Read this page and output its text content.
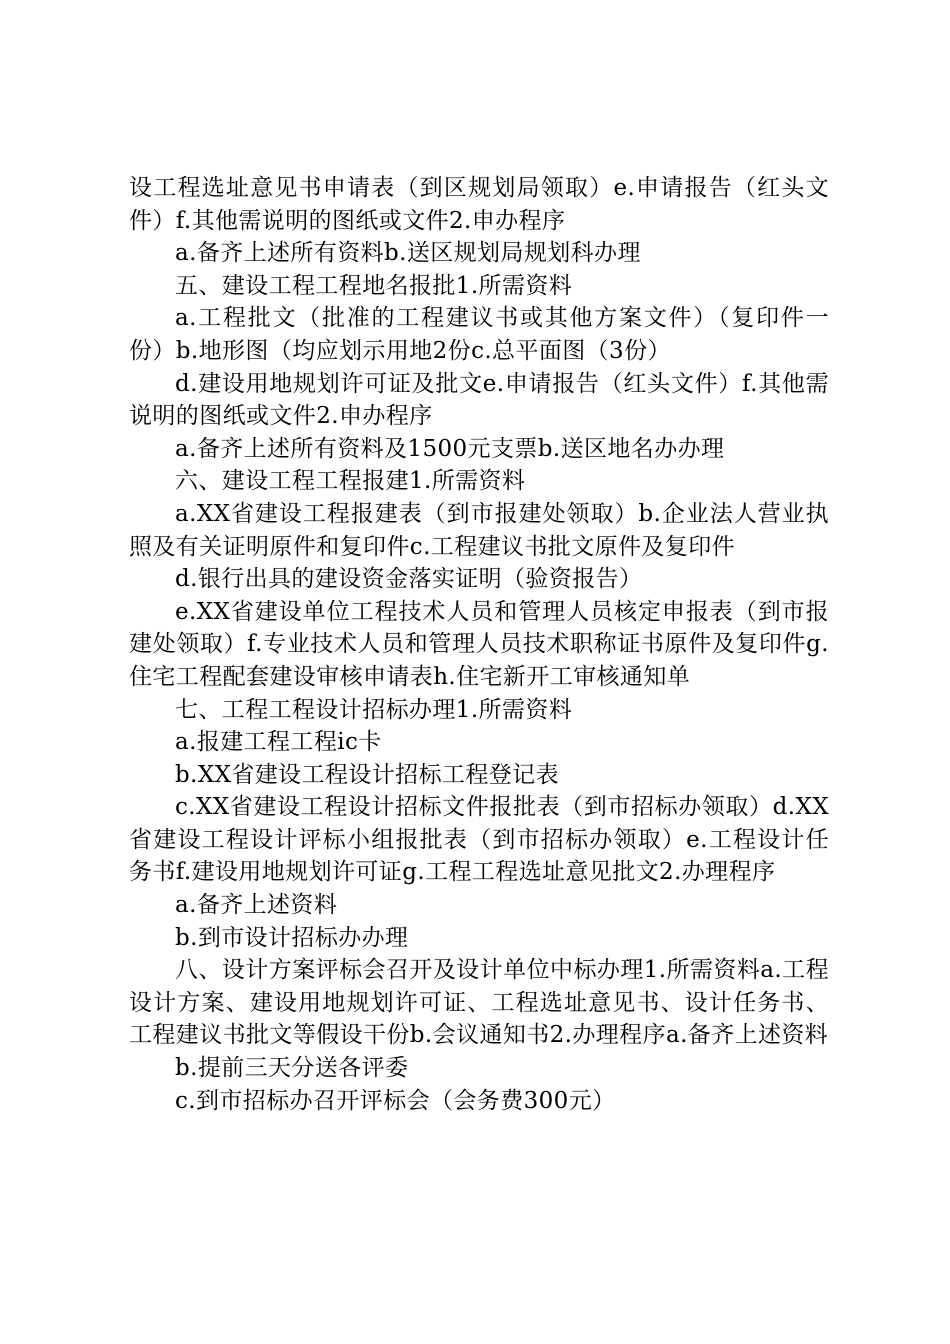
设工程选址意见书申请表（到区规划局领取）e.申请报告（红头文件）f.其他需说明的图纸或文件2.申办程序

a.备齐上述所有资料b.送区规划局规划科办理

五、建设工程工程地名报批1.所需资料

a.工程批文（批准的工程建议书或其他方案文件）（复印件一份）b.地形图（均应划示用地2份c.总平面图（3份）

d.建设用地规划许可证及批文e.申请报告（红头文件）f.其他需说明的图纸或文件2.申办程序

a.备齐上述所有资料及1500元支票b.送区地名办办理

六、建设工程工程报建1.所需资料

a.XX省建设工程报建表（到市报建处领取）b.企业法人营业执照及有关证明原件和复印件c.工程建议书批文原件及复印件

d.银行出具的建设资金落实证明（验资报告）

e.XX省建设单位工程技术人员和管理人员核定申报表（到市报建处领取）f.专业技术人员和管理人员技术职称证书原件及复印件g.住宅工程配套建设审核申请表h.住宅新开工审核通知单

七、工程工程设计招标办理1.所需资料

a.报建工程工程ic卡

b.XX省建设工程设计招标工程登记表

c.XX省建设工程设计招标文件报批表（到市招标办领取）d.XX省建设工程设计评标小组报批表（到市招标办领取）e.工程设计任务书f.建设用地规划许可证g.工程工程选址意见批文2.办理程序

a.备齐上述资料

b.到市设计招标办办理

八、设计方案评标会召开及设计单位中标办理1.所需资料a.工程设计方案、建设用地规划许可证、工程选址意见书、设计任务书、工程建议书批文等假设干份b.会议通知书2.办理程序a.备齐上述资料

b.提前三天分送各评委

c.到市招标办召开评标会（会务费300元）
